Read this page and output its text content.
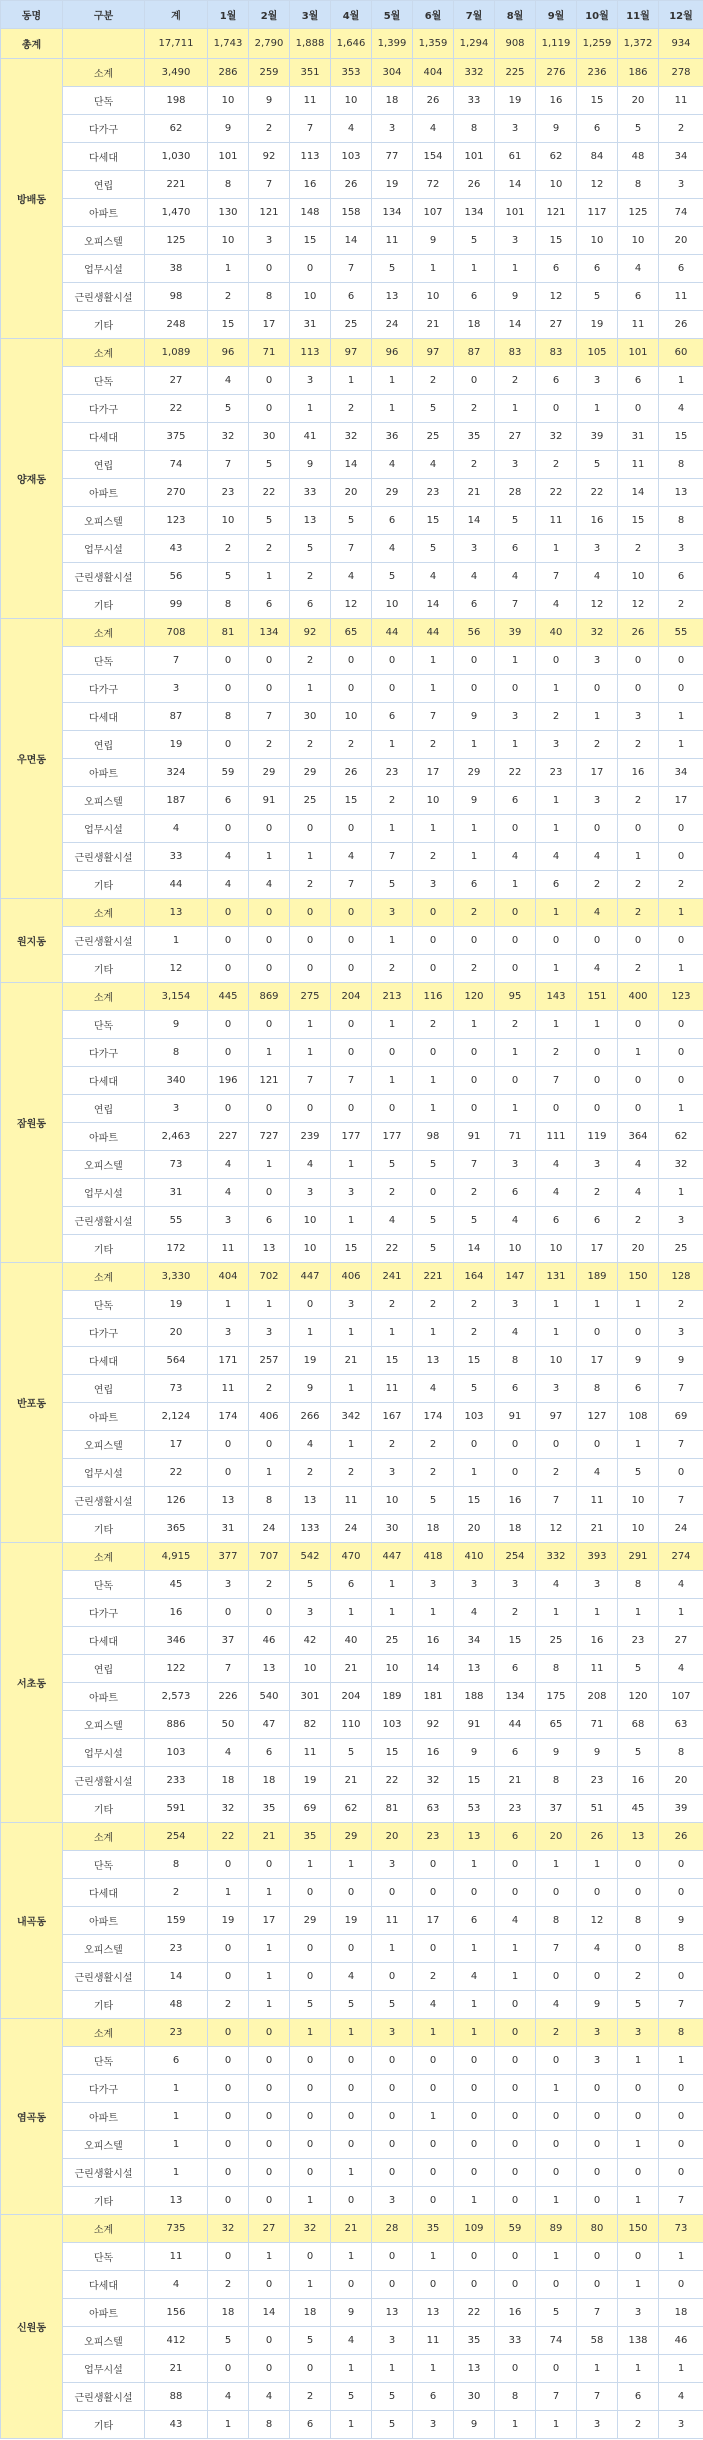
동명	구분	계	1월	2월	3월	4월	5월	6월	7월	8월	9월	10월	11월	12월
총계		17,711	1,743	2,790	1,888	1,646	1,399	1,359	1,294	908	1,119	1,259	1,372	934
방배동	소계	3,490	286	259	351	353	304	404	332	225	276	236	186	278
	단독	198	10	9	11	10	18	26	33	19	16	15	20	11
	다가구	62	9	2	7	4	3	4	8	3	9	6	5	2
	다세대	1,030	101	92	113	103	77	154	101	61	62	84	48	34
	연립	221	8	7	16	26	19	72	26	14	10	12	8	3
	아파트	1,470	130	121	148	158	134	107	134	101	121	117	125	74
	오피스텔	125	10	3	15	14	11	9	5	3	15	10	10	20
	업무시설	38	1	0	0	7	5	1	1	1	6	6	4	6
	근린생활시설	98	2	8	10	6	13	10	6	9	12	5	6	11
	기타	248	15	17	31	25	24	21	18	14	27	19	11	26
양재동	소계	1,089	96	71	113	97	96	97	87	83	83	105	101	60
	단독	27	4	0	3	1	1	2	0	2	6	3	6	1
	다가구	22	5	0	1	2	1	5	2	1	0	1	0	4
	다세대	375	32	30	41	32	36	25	35	27	32	39	31	15
	연립	74	7	5	9	14	4	4	2	3	2	5	11	8
	아파트	270	23	22	33	20	29	23	21	28	22	22	14	13
	오피스텔	123	10	5	13	5	6	15	14	5	11	16	15	8
	업무시설	43	2	2	5	7	4	5	3	6	1	3	2	3
	근린생활시설	56	5	1	2	4	5	4	4	4	7	4	10	6
	기타	99	8	6	6	12	10	14	6	7	4	12	12	2
우면동	소계	708	81	134	92	65	44	44	56	39	40	32	26	55
	단독	7	0	0	2	0	0	1	0	1	0	3	0	0
	다가구	3	0	0	1	0	0	1	0	0	1	0	0	0
	다세대	87	8	7	30	10	6	7	9	3	2	1	3	1
	연립	19	0	2	2	2	1	2	1	1	3	2	2	1
	아파트	324	59	29	29	26	23	17	29	22	23	17	16	34
	오피스텔	187	6	91	25	15	2	10	9	6	1	3	2	17
	업무시설	4	0	0	0	0	1	1	1	0	1	0	0	0
	근린생활시설	33	4	1	1	4	7	2	1	4	4	4	1	0
	기타	44	4	4	2	7	5	3	6	1	6	2	2	2
원지동	소계	13	0	0	0	0	3	0	2	0	1	4	2	1
	근린생활시설	1	0	0	0	0	1	0	0	0	0	0	0	0
	기타	12	0	0	0	0	2	0	2	0	1	4	2	1
잠원동	소계	3,154	445	869	275	204	213	116	120	95	143	151	400	123
	단독	9	0	0	1	0	1	2	1	2	1	1	0	0
	다가구	8	0	1	1	0	0	0	0	1	2	0	1	0
	다세대	340	196	121	7	7	1	1	0	0	7	0	0	0
	연립	3	0	0	0	0	0	1	0	1	0	0	0	1
	아파트	2,463	227	727	239	177	177	98	91	71	111	119	364	62
	오피스텔	73	4	1	4	1	5	5	7	3	4	3	4	32
	업무시설	31	4	0	3	3	2	0	2	6	4	2	4	1
	근린생활시설	55	3	6	10	1	4	5	5	4	6	6	2	3
	기타	172	11	13	10	15	22	5	14	10	10	17	20	25
반포동	소계	3,330	404	702	447	406	241	221	164	147	131	189	150	128
	단독	19	1	1	0	3	2	2	2	3	1	1	1	2
	다가구	20	3	3	1	1	1	1	2	4	1	0	0	3
	다세대	564	171	257	19	21	15	13	15	8	10	17	9	9
	연립	73	11	2	9	1	11	4	5	6	3	8	6	7
	아파트	2,124	174	406	266	342	167	174	103	91	97	127	108	69
	오피스텔	17	0	0	4	1	2	2	0	0	0	0	1	7
	업무시설	22	0	1	2	2	3	2	1	0	2	4	5	0
	근린생활시설	126	13	8	13	11	10	5	15	16	7	11	10	7
	기타	365	31	24	133	24	30	18	20	18	12	21	10	24
서초동	소계	4,915	377	707	542	470	447	418	410	254	332	393	291	274
	단독	45	3	2	5	6	1	3	3	3	4	3	8	4
	다가구	16	0	0	3	1	1	1	4	2	1	1	1	1
	다세대	346	37	46	42	40	25	16	34	15	25	16	23	27
	연립	122	7	13	10	21	10	14	13	6	8	11	5	4
	아파트	2,573	226	540	301	204	189	181	188	134	175	208	120	107
	오피스텔	886	50	47	82	110	103	92	91	44	65	71	68	63
	업무시설	103	4	6	11	5	15	16	9	6	9	9	5	8
	근린생활시설	233	18	18	19	21	22	32	15	21	8	23	16	20
	기타	591	32	35	69	62	81	63	53	23	37	51	45	39
내곡동	소계	254	22	21	35	29	20	23	13	6	20	26	13	26
	단독	8	0	0	1	1	3	0	1	0	1	1	0	0
	다세대	2	1	1	0	0	0	0	0	0	0	0	0	0
	아파트	159	19	17	29	19	11	17	6	4	8	12	8	9
	오피스텔	23	0	1	0	0	1	0	1	1	7	4	0	8
	근린생활시설	14	0	1	0	4	0	2	4	1	0	0	2	0
	기타	48	2	1	5	5	5	4	1	0	4	9	5	7
염곡동	소계	23	0	0	1	1	3	1	1	0	2	3	3	8
	단독	6	0	0	0	0	0	0	0	0	0	3	1	1
	다가구	1	0	0	0	0	0	0	0	0	1	0	0	0
	아파트	1	0	0	0	0	0	1	0	0	0	0	0	0
	오피스텔	1	0	0	0	0	0	0	0	0	0	0	1	0
	근린생활시설	1	0	0	0	1	0	0	0	0	0	0	0	0
	기타	13	0	0	1	0	3	0	1	0	1	0	1	7
신원동	소계	735	32	27	32	21	28	35	109	59	89	80	150	73
	단독	11	0	1	0	1	0	1	0	0	1	0	0	1
	다세대	4	2	0	1	0	0	0	0	0	0	0	1	0
	아파트	156	18	14	18	9	13	13	22	16	5	7	3	18
	오피스텔	412	5	0	5	4	3	11	35	33	74	58	138	46
	업무시설	21	0	0	0	1	1	1	13	0	0	1	1	1
	근린생활시설	88	4	4	2	5	5	6	30	8	7	7	6	4
	기타	43	1	8	6	1	5	3	9	1	1	3	2	3
